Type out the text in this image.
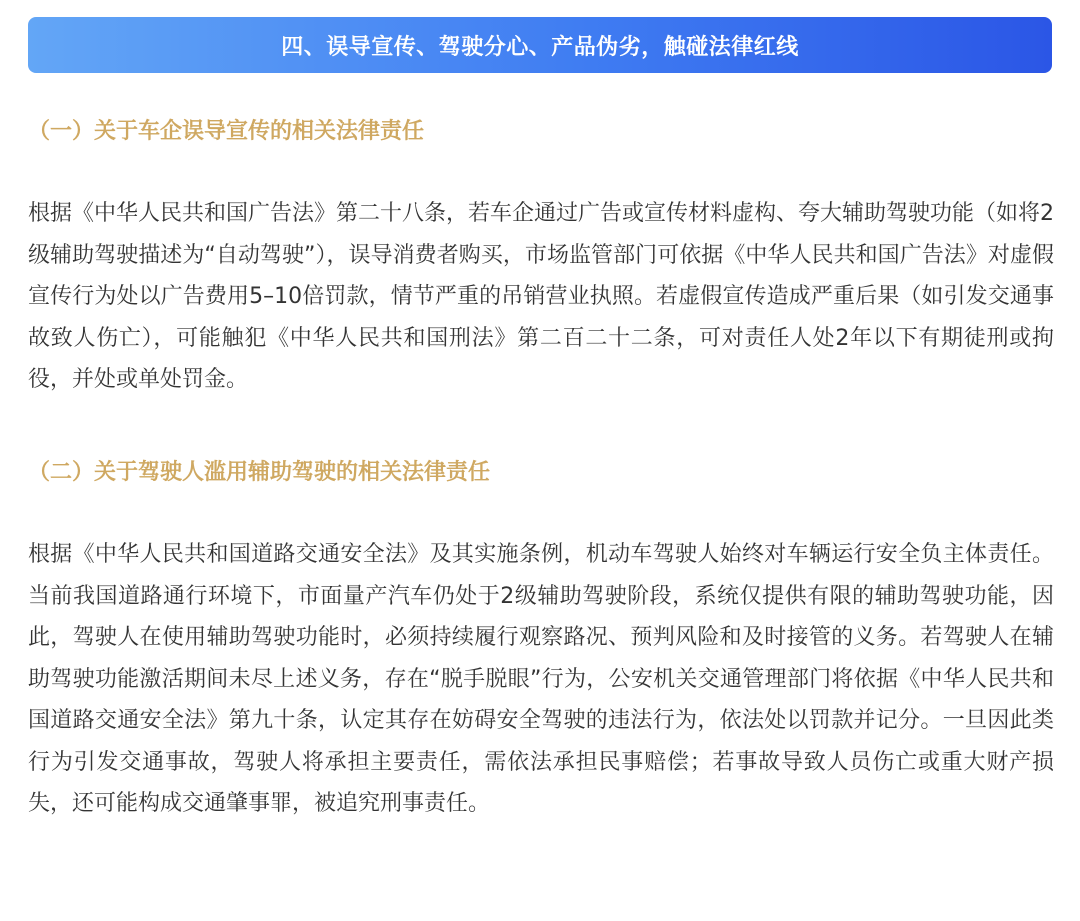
四、误导宣传、驾驶分心、产品伪劣，触碰法律红线
（一）关于车企误导宣传的相关法律责任

根据《中华人民共和国广告法》第二十八条，若车企通过广告或宣传材料虚构、夸大辅助驾驶功能（如将2级辅助驾驶描述为“自动驾驶”），误导消费者购买，市场监管部门可依据《中华人民共和国广告法》对虚假宣传行为处以广告费用5–10倍罚款，情节严重的吊销营业执照。若虚假宣传造成严重后果（如引发交通事故致人伤亡），可能触犯《中华人民共和国刑法》第二百二十二条，可对责任人处2年以下有期徒刑或拘役，并处或单处罚金。

（二）关于驾驶人滥用辅助驾驶的相关法律责任

根据《中华人民共和国道路交通安全法》及其实施条例，机动车驾驶人始终对车辆运行安全负主体责任。当前我国道路通行环境下，市面量产汽车仍处于2级辅助驾驶阶段，系统仅提供有限的辅助驾驶功能，因此，驾驶人在使用辅助驾驶功能时，必须持续履行观察路况、预判风险和及时接管的义务。若驾驶人在辅助驾驶功能激活期间未尽上述义务，存在“脱手脱眼”行为，公安机关交通管理部门将依据《中华人民共和国道路交通安全法》第九十条，认定其存在妨碍安全驾驶的违法行为，依法处以罚款并记分。一旦因此类行为引发交通事故，驾驶人将承担主要责任，需依法承担民事赔偿；若事故导致人员伤亡或重大财产损失，还可能构成交通肇事罪，被追究刑事责任。
